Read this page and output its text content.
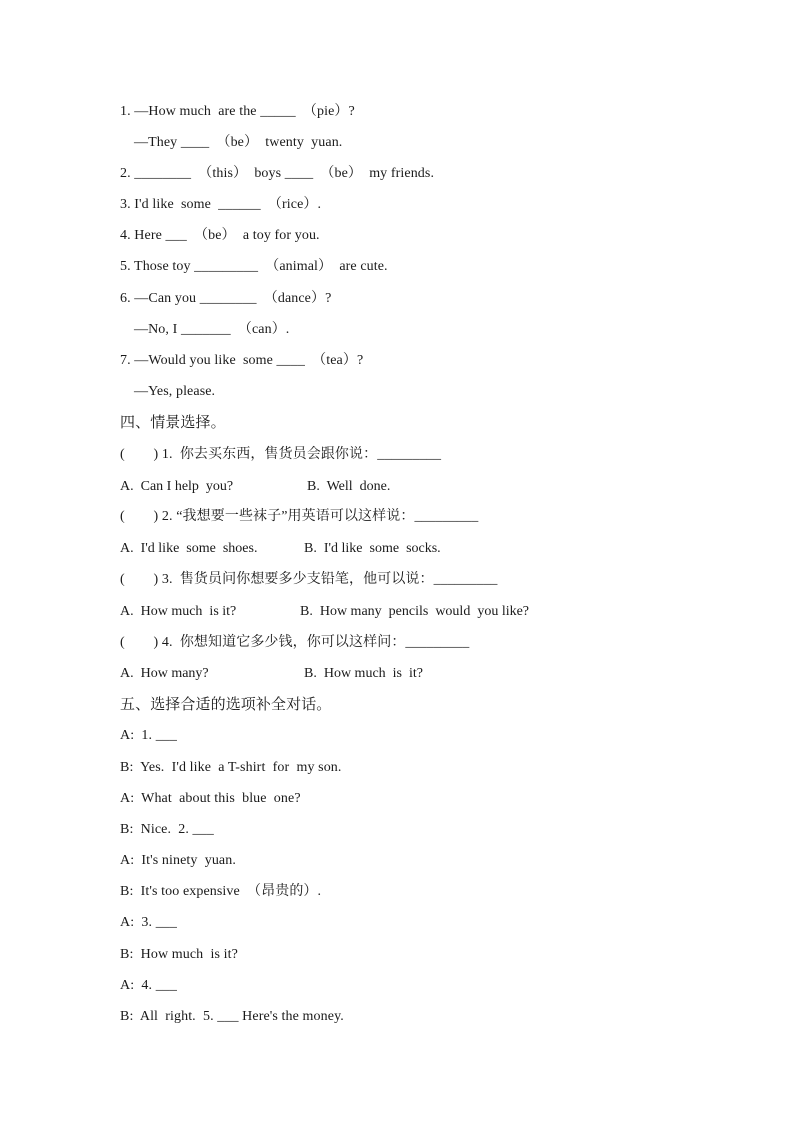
1. —How much  are the _____  （pie）?
—They ____  （be）  twenty  yuan.
2. ________  （this）  boys ____  （be）  my friends.
3. I'd like  some  ______  （rice）.
4. Here ___  （be）  a toy for you.
5. Those toy _________  （animal）  are cute.
6. —Can you ________  （dance）?
—No, I _______  （can）.
7. —Would you like  some ____  （tea）?
—Yes, please.
四、情景选择。
(        ) 1.  你去买东西，售货员会跟你说：_________
A.  Can I help  you?	B.  Well  done.
(        ) 2. “我想要一些袜子”用英语可以这样说：_________
A.  I'd like  some  shoes.	B.  I'd like  some  socks.
(        ) 3.  售货员问你想要多少支铅笔，他可以说：_________
A.  How much  is it?	B.  How many  pencils  would  you like?
(        ) 4.  你想知道它多少钱，你可以这样问：_________
A.  How many?	B.  How much  is  it?
五、选择合适的选项补全对话。
A:  1. ___
B:  Yes.  I'd like  a T-shirt  for  my son.
A:  What  about this  blue  one?
B:  Nice.  2. ___
A:  It's ninety  yuan.
B:  It's too expensive  （昂贵的）.
A:  3. ___
B:  How much  is it?
A:  4. ___
B:  All  right.  5. ___ Here's the money.
